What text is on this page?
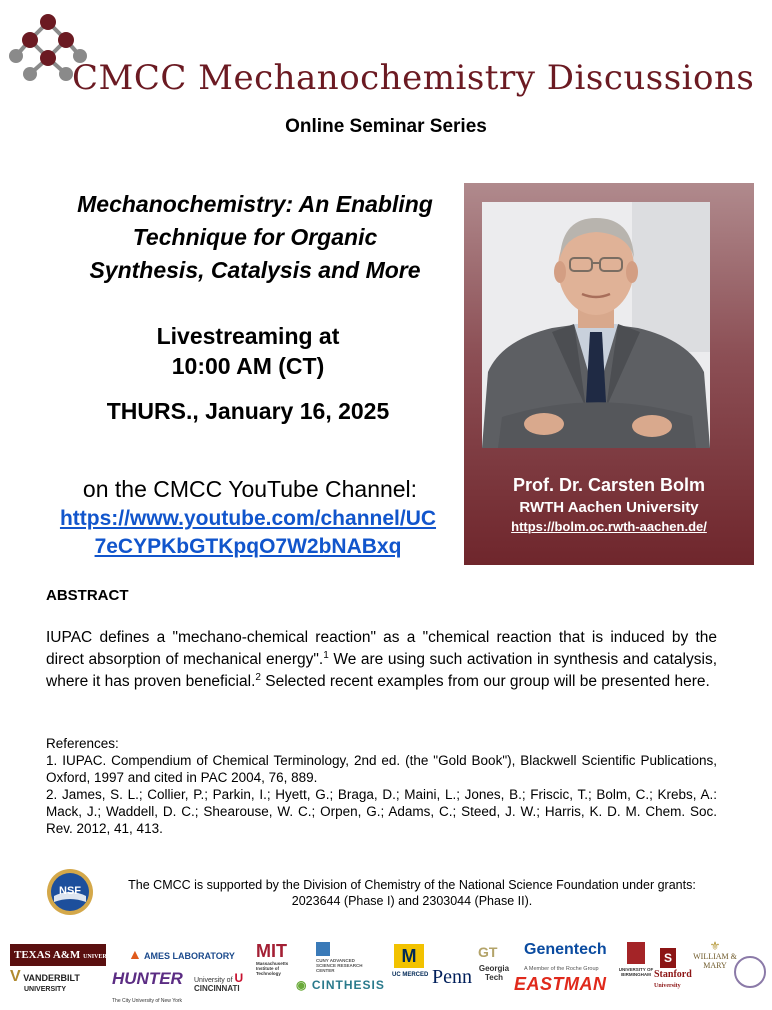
CMCC Mechanochemistry Discussions
Online Seminar Series
Mechanochemistry: An Enabling
Technique for Organic
Synthesis, Catalysis and More
Livestreaming at
10:00 AM (CT)
THURS., January 16, 2025
on the CMCC YouTube Channel:
https://www.youtube.com/channel/UC
7eCYPKbGTKpqO7W2bNABxq
Prof. Dr. Carsten Bolm
RWTH Aachen University
https://bolm.oc.rwth-aachen.de/
ABSTRACT
IUPAC defines a "mechano-chemical reaction" as a "chemical reaction that is induced by the direct absorption of mechanical energy".$^1$ We are using such activation in synthesis and catalysis, where it has proven beneficial.$^2$ Selected recent examples from our group will be presented here.

References:

1. IUPAC. Compendium of Chemical Terminology, 2nd ed. (the "Gold Book"), Blackwell Scientific Publications, Oxford, 1997 and cited in PAC 2004, 76, 889.

2. James, S. L.; Collier, P.; Parkin, I.; Hyett, G.; Braga, D.; Maini, L.; Jones, B.; Friscic, T.; Bolm, C.; Krebs, A.: Mack, J.; Waddell, D. C.; Shearouse, W. C.; Orpen, G.; Adams, C.; Steed, J. W.; Harris, K. D. M. Chem. Soc. Rev. 2012, 41, 413.

NSF	The CMCC is supported by the Division of Chemistry of the National Science Foundation under grants:
2023644 (Phase I) and 2303044 (Phase II).
TEXAS A&M UNIVERSITY
V VANDERBILT
UNIVERSITY
▲ AMES LABORATORY
HUNTER
The City University of New York
University of U
CINCINNATI
MIT
Massachusetts Institute of Technology

CUNY ADVANCED SCIENCE RESEARCH CENTER
◉ CINTHESIS
M
UC MERCED Penn
GT
Georgia Tech
Genentech
A Member of the Roche Group
EASTMAN

UNIVERSITY OF BIRMINGHAM
S
Stanford
University
⚜
WILLIAM & MARY
